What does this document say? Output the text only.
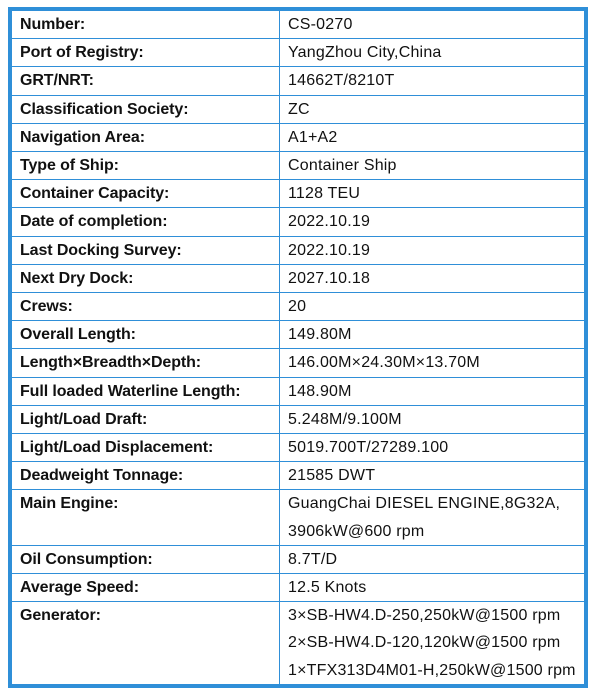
Number:	CS-0270

Port of Registry:	YangZhou City,China

GRT/NRT:	14662T/8210T

Classification Society:	ZC

Navigation Area:	A1+A2

Type of Ship:	Container Ship

Container Capacity:	1128 TEU

Date of completion:	2022.10.19

Last Docking Survey:	2022.10.19

Next Dry Dock:	2027.10.18

Crews:	20

Overall Length:	149.80M

Length×Breadth×Depth:	146.00M×24.30M×13.70M

Full loaded Waterline Length:	148.90M

Light/Load Draft:	5.248M/9.100M

Light/Load Displacement:	5019.700T/27289.100

Deadweight Tonnage:	21585 DWT

Main Engine:	GuangChai DIESEL ENGINE,8G32A,
3906kW@600 rpm

Oil Consumption:	8.7T/D

Average Speed:	12.5 Knots

Generator:	3×SB-HW4.D-250,250kW@1500 rpm
2×SB-HW4.D-120,120kW@1500 rpm
1×TFX313D4M01-H,250kW@1500 rpm
